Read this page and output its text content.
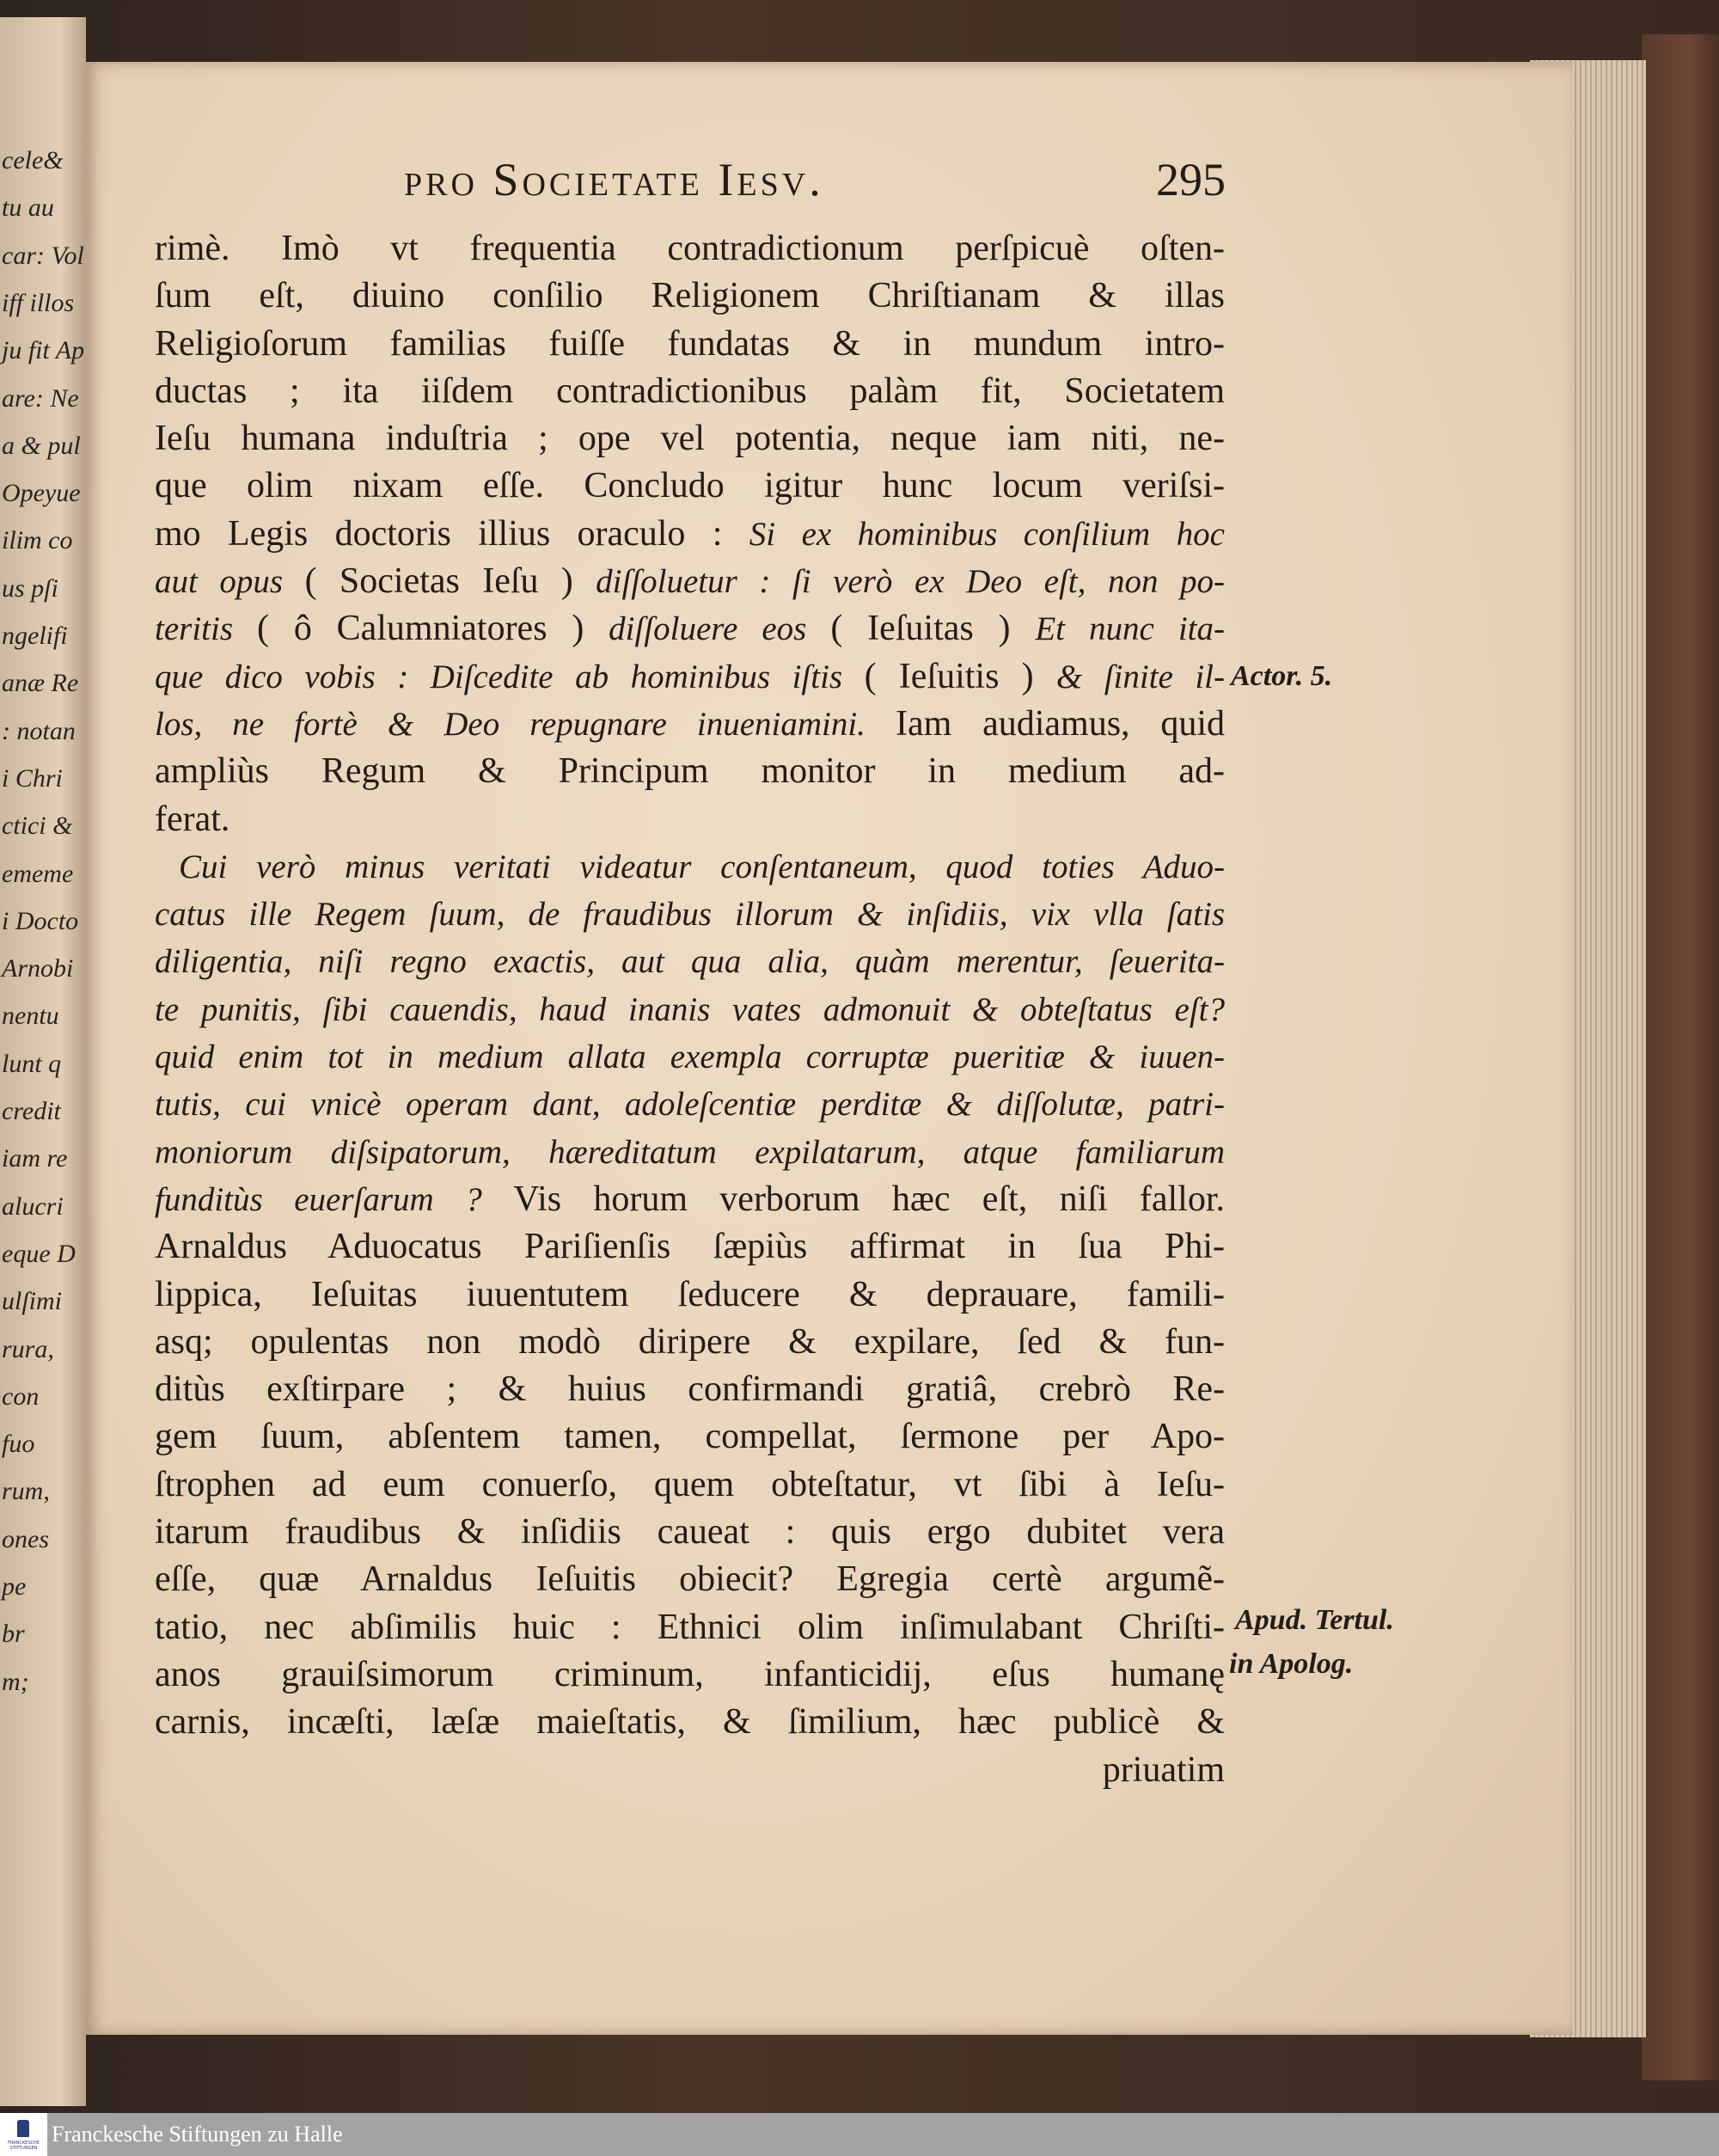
cele&
tu au
car: Vol
iff illos
ju fit Ap
are: Ne
a & pul
Opeyue
ilim co
us pſi
ngelifi
anæ Re
: notan
i Chri
ctici &
ememe
i Docto
Arnobi
nentu
lunt q
credit
iam re
alucri
eque D
ulſimi
rura,
con
fuo
rum,
ones
pe
br
m;
pro Societate Iesv.	295
rimè. Imò vt frequentia contradictionum perſpicuè oſten-
ſum eſt, diuino conſilio Religionem Chriſtianam & illas
Religioſorum familias fuiſſe fundatas & in mundum intro-
ductas ; ita iiſdem contradictionibus palàm fit, Societatem
Ieſu humana induſtria ; ope vel potentia, neque iam niti, ne-
que olim nixam eſſe. Concludo igitur hunc locum veriſsi-
mo Legis doctoris illius oraculo : Si ex hominibus conſilium hoc
aut opus ( Societas Ieſu ) diſſoluetur : ſi verò ex Deo eſt, non po-
teritis ( ô Calumniatores ) diſſoluere eos ( Ieſuitas ) Et nunc ita-
que dico vobis : Diſcedite ab hominibus iſtis ( Ieſuitis ) & ſinite il-
los, ne fortè & Deo repugnare inueniamini. Iam audiamus, quid
ampliùs Regum & Principum monitor in medium ad-
ferat.
Cui verò minus veritati videatur conſentaneum, quod toties Aduo-
catus ille Regem ſuum, de fraudibus illorum & inſidiis, vix vlla ſatis
diligentia, niſi regno exactis, aut qua alia, quàm merentur, ſeuerita-
te punitis, ſibi cauendis, haud inanis vates admonuit & obteſtatus eſt?
quid enim tot in medium allata exempla corruptæ pueritiæ & iuuen-
tutis, cui vnicè operam dant, adoleſcentiæ perditæ & diſſolutæ, patri-
moniorum diſsipatorum, hæreditatum expilatarum, atque familiarum
funditùs euerſarum ? Vis horum verborum hæc eſt, niſi fallor.
Arnaldus Aduocatus Pariſienſis ſæpiùs affirmat in ſua Phi-
lippica, Ieſuitas iuuentutem ſeducere & deprauare, famili-
asq; opulentas non modò diripere & expilare, ſed & fun-
ditùs exſtirpare ; & huius confirmandi gratiâ, crebrò Re-
gem ſuum, abſentem tamen, compellat, ſermone per Apo-
ſtrophen ad eum conuerſo, quem obteſtatur, vt ſibi à Ieſu-
itarum fraudibus & inſidiis caueat : quis ergo dubitet vera
eſſe, quæ Arnaldus Ieſuitis obiecit? Egregia certè argumẽ-
tatio, nec abſimilis huic : Ethnici olim inſimulabant Chriſti-
anos grauiſsimorum criminum, infanticidij, eſus humanę
carnis, incæſti, læſæ maieſtatis, & ſimilium, hæc publicè &
priuatim
Actor. 5.
Apud. Tertul.
in Apolog.
FRANCKESCHE STIFTUNGEN
Franckesche Stiftungen zu Halle
